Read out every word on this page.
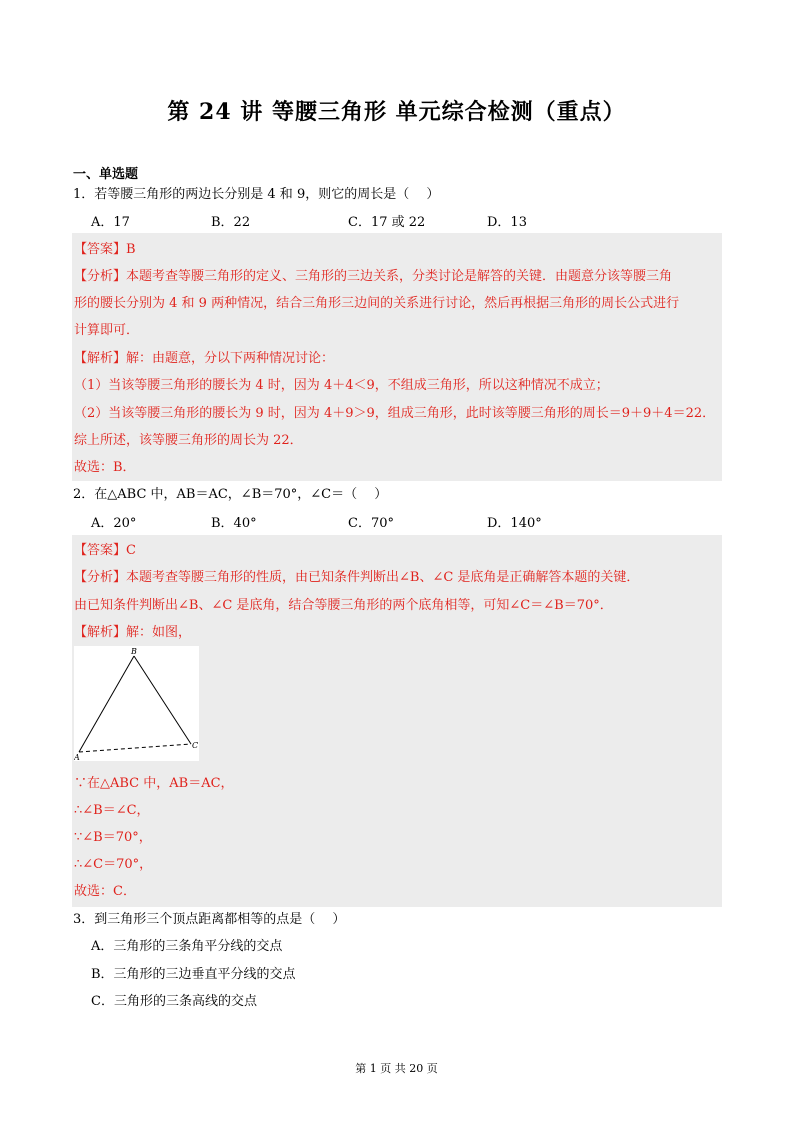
第 24 讲 等腰三角形 单元综合检测（重点）
一、单选题
1．若等腰三角形的两边长分别是 4 和 9，则它的周长是（　 ）
A．17	B．22	C．17 或 22	D．13
【答案】B
【分析】本题考查等腰三角形的定义、三角形的三边关系，分类讨论是解答的关键．由题意分该等腰三角
形的腰长分别为 4 和 9 两种情况，结合三角形三边间的关系进行讨论，然后再根据三角形的周长公式进行
计算即可．
【解析】解：由题意，分以下两种情况讨论：
（1）当该等腰三角形的腰长为 4 时，因为 4＋4＜9，不组成三角形，所以这种情况不成立；
（2）当该等腰三角形的腰长为 9 时，因为 4＋9＞9，组成三角形，此时该等腰三角形的周长＝9＋9＋4＝22．
综上所述，该等腰三角形的周长为 22．
故选：B．
2．在△ABC 中，AB＝AC，∠B＝70°，∠C＝（　 ）
A．20°	B．40°	C．70°	D．140°
【答案】C
【分析】本题考查等腰三角形的性质，由已知条件判断出∠B、∠C 是底角是正确解答本题的关键．
由已知条件判断出∠B、∠C 是底角，结合等腰三角形的两个底角相等，可知∠C＝∠B＝70°．
【解析】解：如图，
B
A
C
∵在△ABC 中，AB＝AC，
∴∠B＝∠C，
∵∠B＝70°，
∴∠C＝70°，
故选：C．
3．到三角形三个顶点距离都相等的点是（　 ）
A．三角形的三条角平分线的交点
B．三角形的三边垂直平分线的交点
C．三角形的三条高线的交点
第 1 页 共 20 页
